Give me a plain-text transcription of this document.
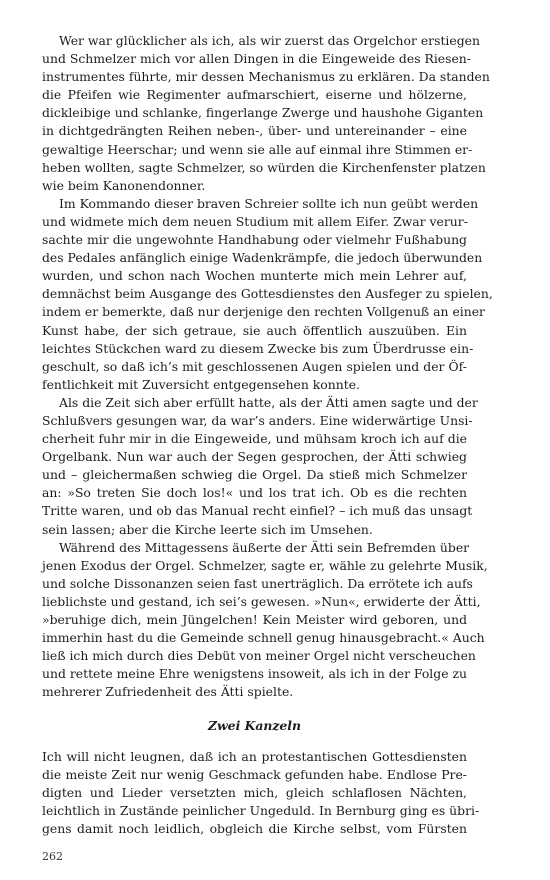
Wer war glücklicher als ich, als wir zuerst das Orgelchor erstiegen
und Schmelzer mich vor allen Dingen in die Eingeweide des Riesen-
instrumentes führte, mir dessen Mechanismus zu erklären. Da standen
die Pfeifen wie Regimenter aufmarschiert, eiserne und hölzerne,
dickleibige und schlanke, fingerlange Zwerge und haushohe Giganten
in dichtgedrängten Reihen neben-, über- und untereinander – eine
gewaltige Heerschar; und wenn sie alle auf einmal ihre Stimmen er-
heben wollten, sagte Schmelzer, so würden die Kirchenfenster platzen
wie beim Kanonendonner.
Im Kommando dieser braven Schreier sollte ich nun geübt werden
und widmete mich dem neuen Studium mit allem Eifer. Zwar verur-
sachte mir die ungewohnte Handhabung oder vielmehr Fußhabung
des Pedales anfänglich einige Wadenkrämpfe, die jedoch überwunden
wurden, und schon nach Wochen munterte mich mein Lehrer auf,
demnächst beim Ausgange des Gottesdienstes den Ausfeger zu spielen,
indem er bemerkte, daß nur derjenige den rechten Vollgenuß an einer
Kunst habe, der sich getraue, sie auch öffentlich auszuüben. Ein
leichtes Stückchen ward zu diesem Zwecke bis zum Überdrusse ein-
geschult, so daß ich’s mit geschlossenen Augen spielen und der Öf-
fentlichkeit mit Zuversicht entgegensehen konnte.
Als die Zeit sich aber erfüllt hatte, als der Ätti amen sagte und der
Schlußvers gesungen war, da war’s anders. Eine widerwärtige Unsi-
cherheit fuhr mir in die Eingeweide, und mühsam kroch ich auf die
Orgelbank. Nun war auch der Segen gesprochen, der Ätti schwieg
und – gleichermaßen schwieg die Orgel. Da stieß mich Schmelzer
an: »So treten Sie doch los!« und los trat ich. Ob es die rechten
Tritte waren, und ob das Manual recht einfiel? – ich muß das unsagt
sein lassen; aber die Kirche leerte sich im Umsehen.
Während des Mittagessens äußerte der Ätti sein Befremden über
jenen Exodus der Orgel. Schmelzer, sagte er, wähle zu gelehrte Musik,
und solche Dissonanzen seien fast unerträglich. Da errötete ich aufs
lieblichste und gestand, ich sei’s gewesen. »Nun«, erwiderte der Ätti,
»beruhige dich, mein Jüngelchen! Kein Meister wird geboren, und
immerhin hast du die Gemeinde schnell genug hinausgebracht.« Auch
ließ ich mich durch dies Debüt von meiner Orgel nicht verscheuchen
und rettete meine Ehre wenigstens insoweit, als ich in der Folge zu
mehrerer Zufriedenheit des Ätti spielte.
Zwei Kanzeln
Ich will nicht leugnen, daß ich an protestantischen Gottesdiensten
die meiste Zeit nur wenig Geschmack gefunden habe. Endlose Pre-
digten und Lieder versetzten mich, gleich schlaflosen Nächten,
leichtlich in Zustände peinlicher Ungeduld. In Bernburg ging es übri-
gens damit noch leidlich, obgleich die Kirche selbst, vom Fürsten
262
